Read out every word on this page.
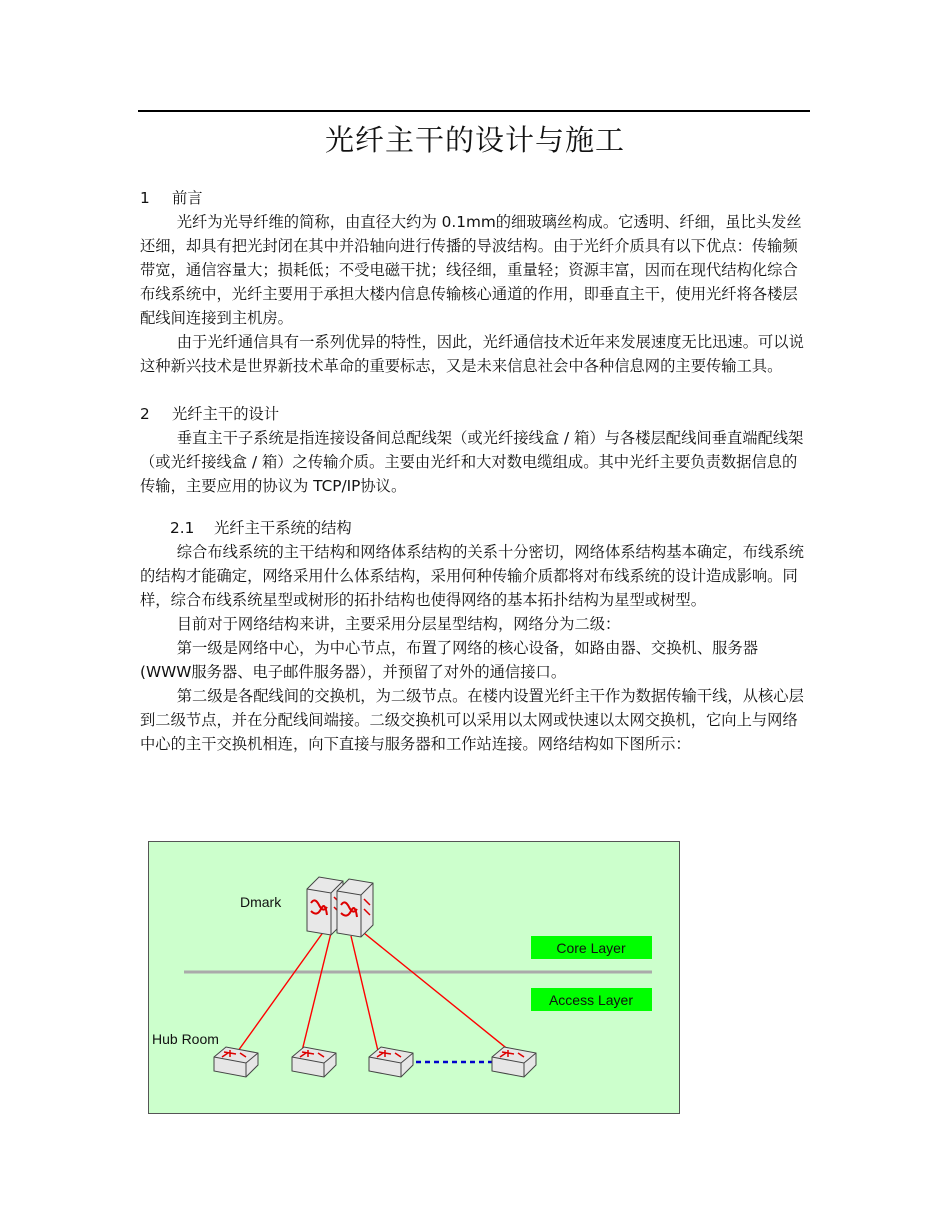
光纤主干的设计与施工

1 前言

光纤为光导纤维的简称，由直径大约为 0.1mm的细玻璃丝构成。它透明、纤细，虽比头发丝还细，却具有把光封闭在其中并沿轴向进行传播的导波结构。由于光纤介质具有以下优点：传输频带宽，通信容量大；损耗低；不受电磁干扰；线径细，重量轻；资源丰富，因而在现代结构化综合布线系统中，光纤主要用于承担大楼内信息传输核心通道的作用，即垂直主干，使用光纤将各楼层配线间连接到主机房。

由于光纤通信具有一系列优异的特性，因此，光纤通信技术近年来发展速度无比迅速。可以说这种新兴技术是世界新技术革命的重要标志，又是未来信息社会中各种信息网的主要传输工具。

2 光纤主干的设计

垂直主干子系统是指连接设备间总配线架（或光纤接线盒 / 箱）与各楼层配线间垂直端配线架（或光纤接线盒 / 箱）之传输介质。主要由光纤和大对数电缆组成。其中光纤主要负责数据信息的传输，主要应用的协议为 TCP/IP协议。

2.1 光纤主干系统的结构

综合布线系统的主干结构和网络体系结构的关系十分密切，网络体系结构基本确定，布线系统的结构才能确定，网络采用什么体系结构，采用何种传输介质都将对布线系统的设计造成影响。同样，综合布线系统星型或树形的拓扑结构也使得网络的基本拓扑结构为星型或树型。

目前对于网络结构来讲，主要采用分层星型结构，网络分为二级：

第一级是网络中心，为中心节点，布置了网络的核心设备，如路由器、交换机、服务器 (WWW服务器、电子邮件服务器），并预留了对外的通信接口。

第二级是各配线间的交换机，为二级节点。在楼内设置光纤主干作为数据传输干线，从核心层到二级节点，并在分配线间端接。二级交换机可以采用以太网或快速以太网交换机，它向上与网络中心的主干交换机相连，向下直接与服务器和工作站连接。网络结构如下图所示：

Dmark
Hub Room
Core Layer
Access Layer
